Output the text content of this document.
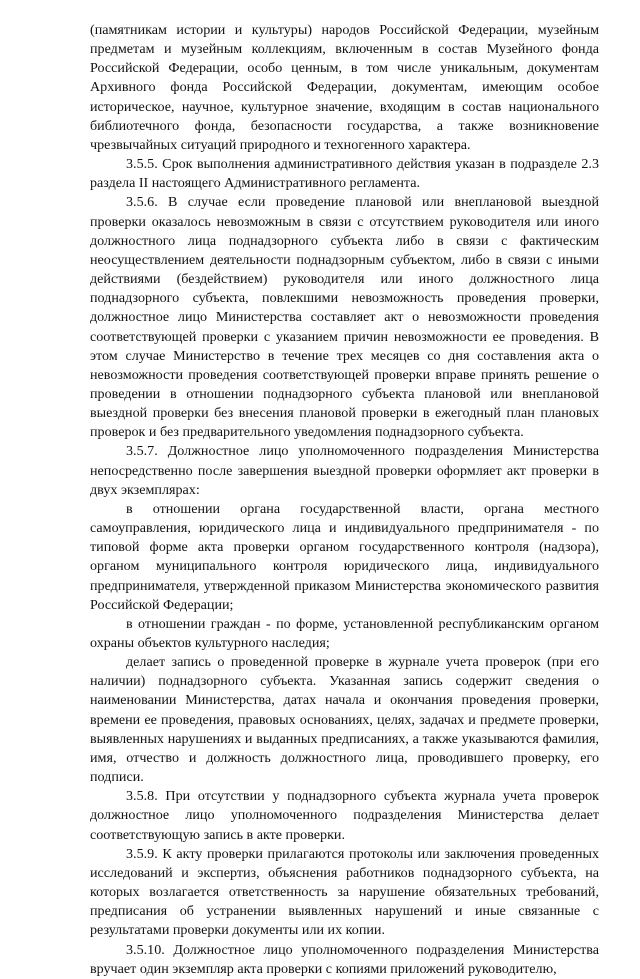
(памятникам истории и культуры) народов Российской Федерации, музейным предметам и музейным коллекциям, включенным в состав Музейного фонда Российской Федерации, особо ценным, в том числе уникальным, документам Архивного фонда Российской Федерации, документам, имеющим особое историческое, научное, культурное значение, входящим в состав национального библиотечного фонда, безопасности государства, а также возникновение чрезвычайных ситуаций природного и техногенного характера.

3.5.5. Срок выполнения административного действия указан в подразделе 2.3 раздела II настоящего Административного регламента.

3.5.6. В случае если проведение плановой или внеплановой выездной проверки оказалось невозможным в связи с отсутствием руководителя или иного должностного лица поднадзорного субъекта либо в связи с фактическим неосуществлением деятельности поднадзорным субъектом, либо в связи с иными действиями (бездействием) руководителя или иного должностного лица поднадзорного субъекта, повлекшими невозможность проведения проверки, должностное лицо Министерства составляет акт о невозможности проведения соответствующей проверки с указанием причин невозможности ее проведения. В этом случае Министерство в течение трех месяцев со дня составления акта о невозможности проведения соответствующей проверки вправе принять решение о проведении в отношении поднадзорного субъекта плановой или внеплановой выездной проверки без внесения плановой проверки в ежегодный план плановых проверок и без предварительного уведомления поднадзорного субъекта.

3.5.7. Должностное лицо уполномоченного подразделения Министерства непосредственно после завершения выездной проверки оформляет акт проверки в двух экземплярах:

в отношении органа государственной власти, органа местного самоуправления, юридического лица и индивидуального предпринимателя - по типовой форме акта проверки органом государственного контроля (надзора), органом муниципального контроля юридического лица, индивидуального предпринимателя, утвержденной приказом Министерства экономического развития Российской Федерации;

в отношении граждан - по форме, установленной республиканским органом охраны объектов культурного наследия;

делает запись о проведенной проверке в журнале учета проверок (при его наличии) поднадзорного субъекта. Указанная запись содержит сведения о наименовании Министерства, датах начала и окончания проведения проверки, времени ее проведения, правовых основаниях, целях, задачах и предмете проверки, выявленных нарушениях и выданных предписаниях, а также указываются фамилия, имя, отчество и должность должностного лица, проводившего проверку, его подписи.

3.5.8. При отсутствии у поднадзорного субъекта журнала учета проверок должностное лицо уполномоченного подразделения Министерства делает соответствующую запись в акте проверки.

3.5.9. К акту проверки прилагаются протоколы или заключения проведенных исследований и экспертиз, объяснения работников поднадзорного субъекта, на которых возлагается ответственность за нарушение обязательных требований, предписания об устранении выявленных нарушений и иные связанные с результатами проверки документы или их копии.

3.5.10. Должностное лицо уполномоченного подразделения Министерства вручает один экземпляр акта проверки с копиями приложений руководителю,
